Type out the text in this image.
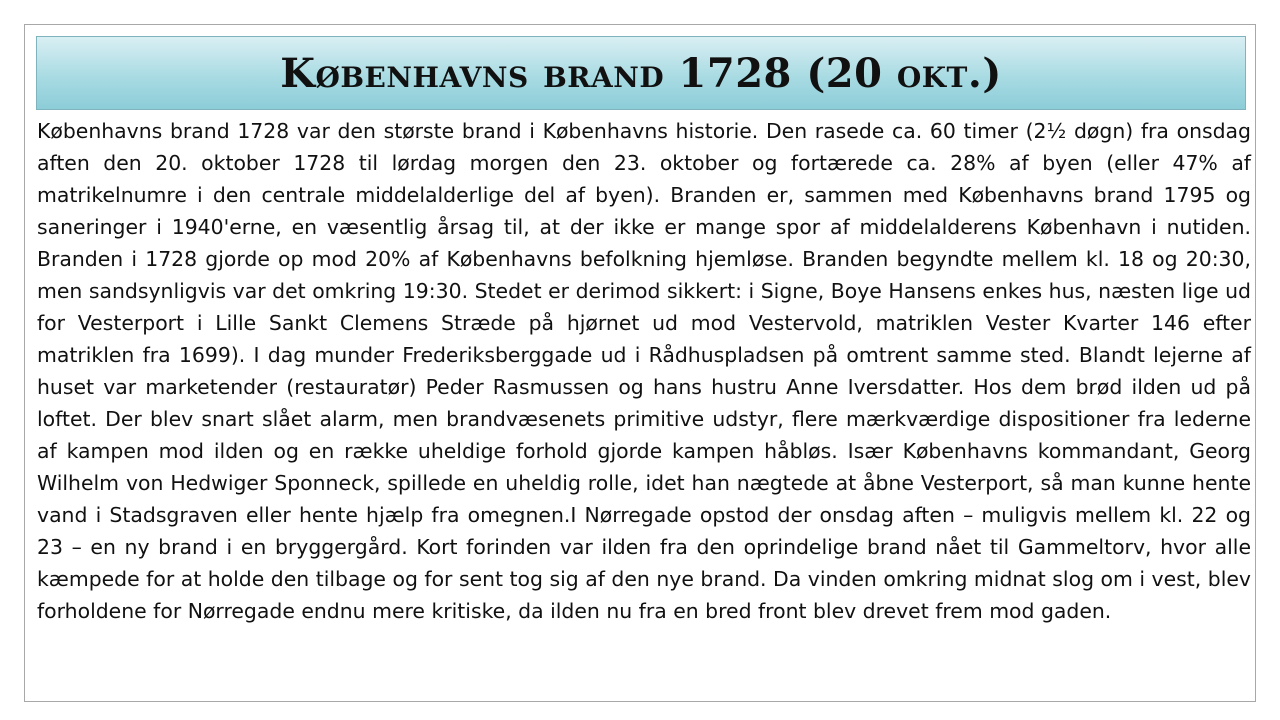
Københavns brand 1728 (20 okt.)

Københavns brand 1728 var den største brand i Københavns historie. Den rasede ca. 60 timer (2½ døgn) fra onsdag aften den 20. oktober 1728 til lørdag morgen den 23. oktober og fortærede ca. 28% af byen (eller 47% af matrikelnumre i den centrale middelalderlige del af byen). Branden er, sammen med Københavns brand 1795 og saneringer i 1940'erne, en væsentlig årsag til, at der ikke er mange spor af middelalderens København i nutiden. Branden i 1728 gjorde op mod 20% af Københavns befolkning hjemløse. Branden begyndte mellem kl. 18 og 20:30, men sandsynligvis var det omkring 19:30. Stedet er derimod sikkert: i Signe, Boye Hansens enkes hus, næsten lige ud for Vesterport i Lille Sankt Clemens Stræde på hjørnet ud mod Vestervold, matriklen Vester Kvarter 146 efter matriklen fra 1699). I dag munder Frederiksberggade ud i Rådhuspladsen på omtrent samme sted. Blandt lejerne af huset var marketender (restauratør) Peder Rasmussen og hans hustru Anne Iversdatter. Hos dem brød ilden ud på loftet. Der blev snart slået alarm, men brandvæsenets primitive udstyr, flere mærkværdige dispositioner fra lederne af kampen mod ilden og en række uheldige forhold gjorde kampen håbløs. Især Københavns kommandant, Georg Wilhelm von Hedwiger Sponneck, spillede en uheldig rolle, idet han nægtede at åbne Vesterport, så man kunne hente vand i Stadsgraven eller hente hjælp fra omegnen.I Nørregade opstod der onsdag aften – muligvis mellem kl. 22 og 23 – en ny brand i en bryggergård. Kort forinden var ilden fra den oprindelige brand nået til Gammeltorv, hvor alle kæmpede for at holde den tilbage og for sent tog sig af den nye brand. Da vinden omkring midnat slog om i vest, blev forholdene for Nørregade endnu mere kritiske, da ilden nu fra en bred front blev drevet frem mod gaden.
